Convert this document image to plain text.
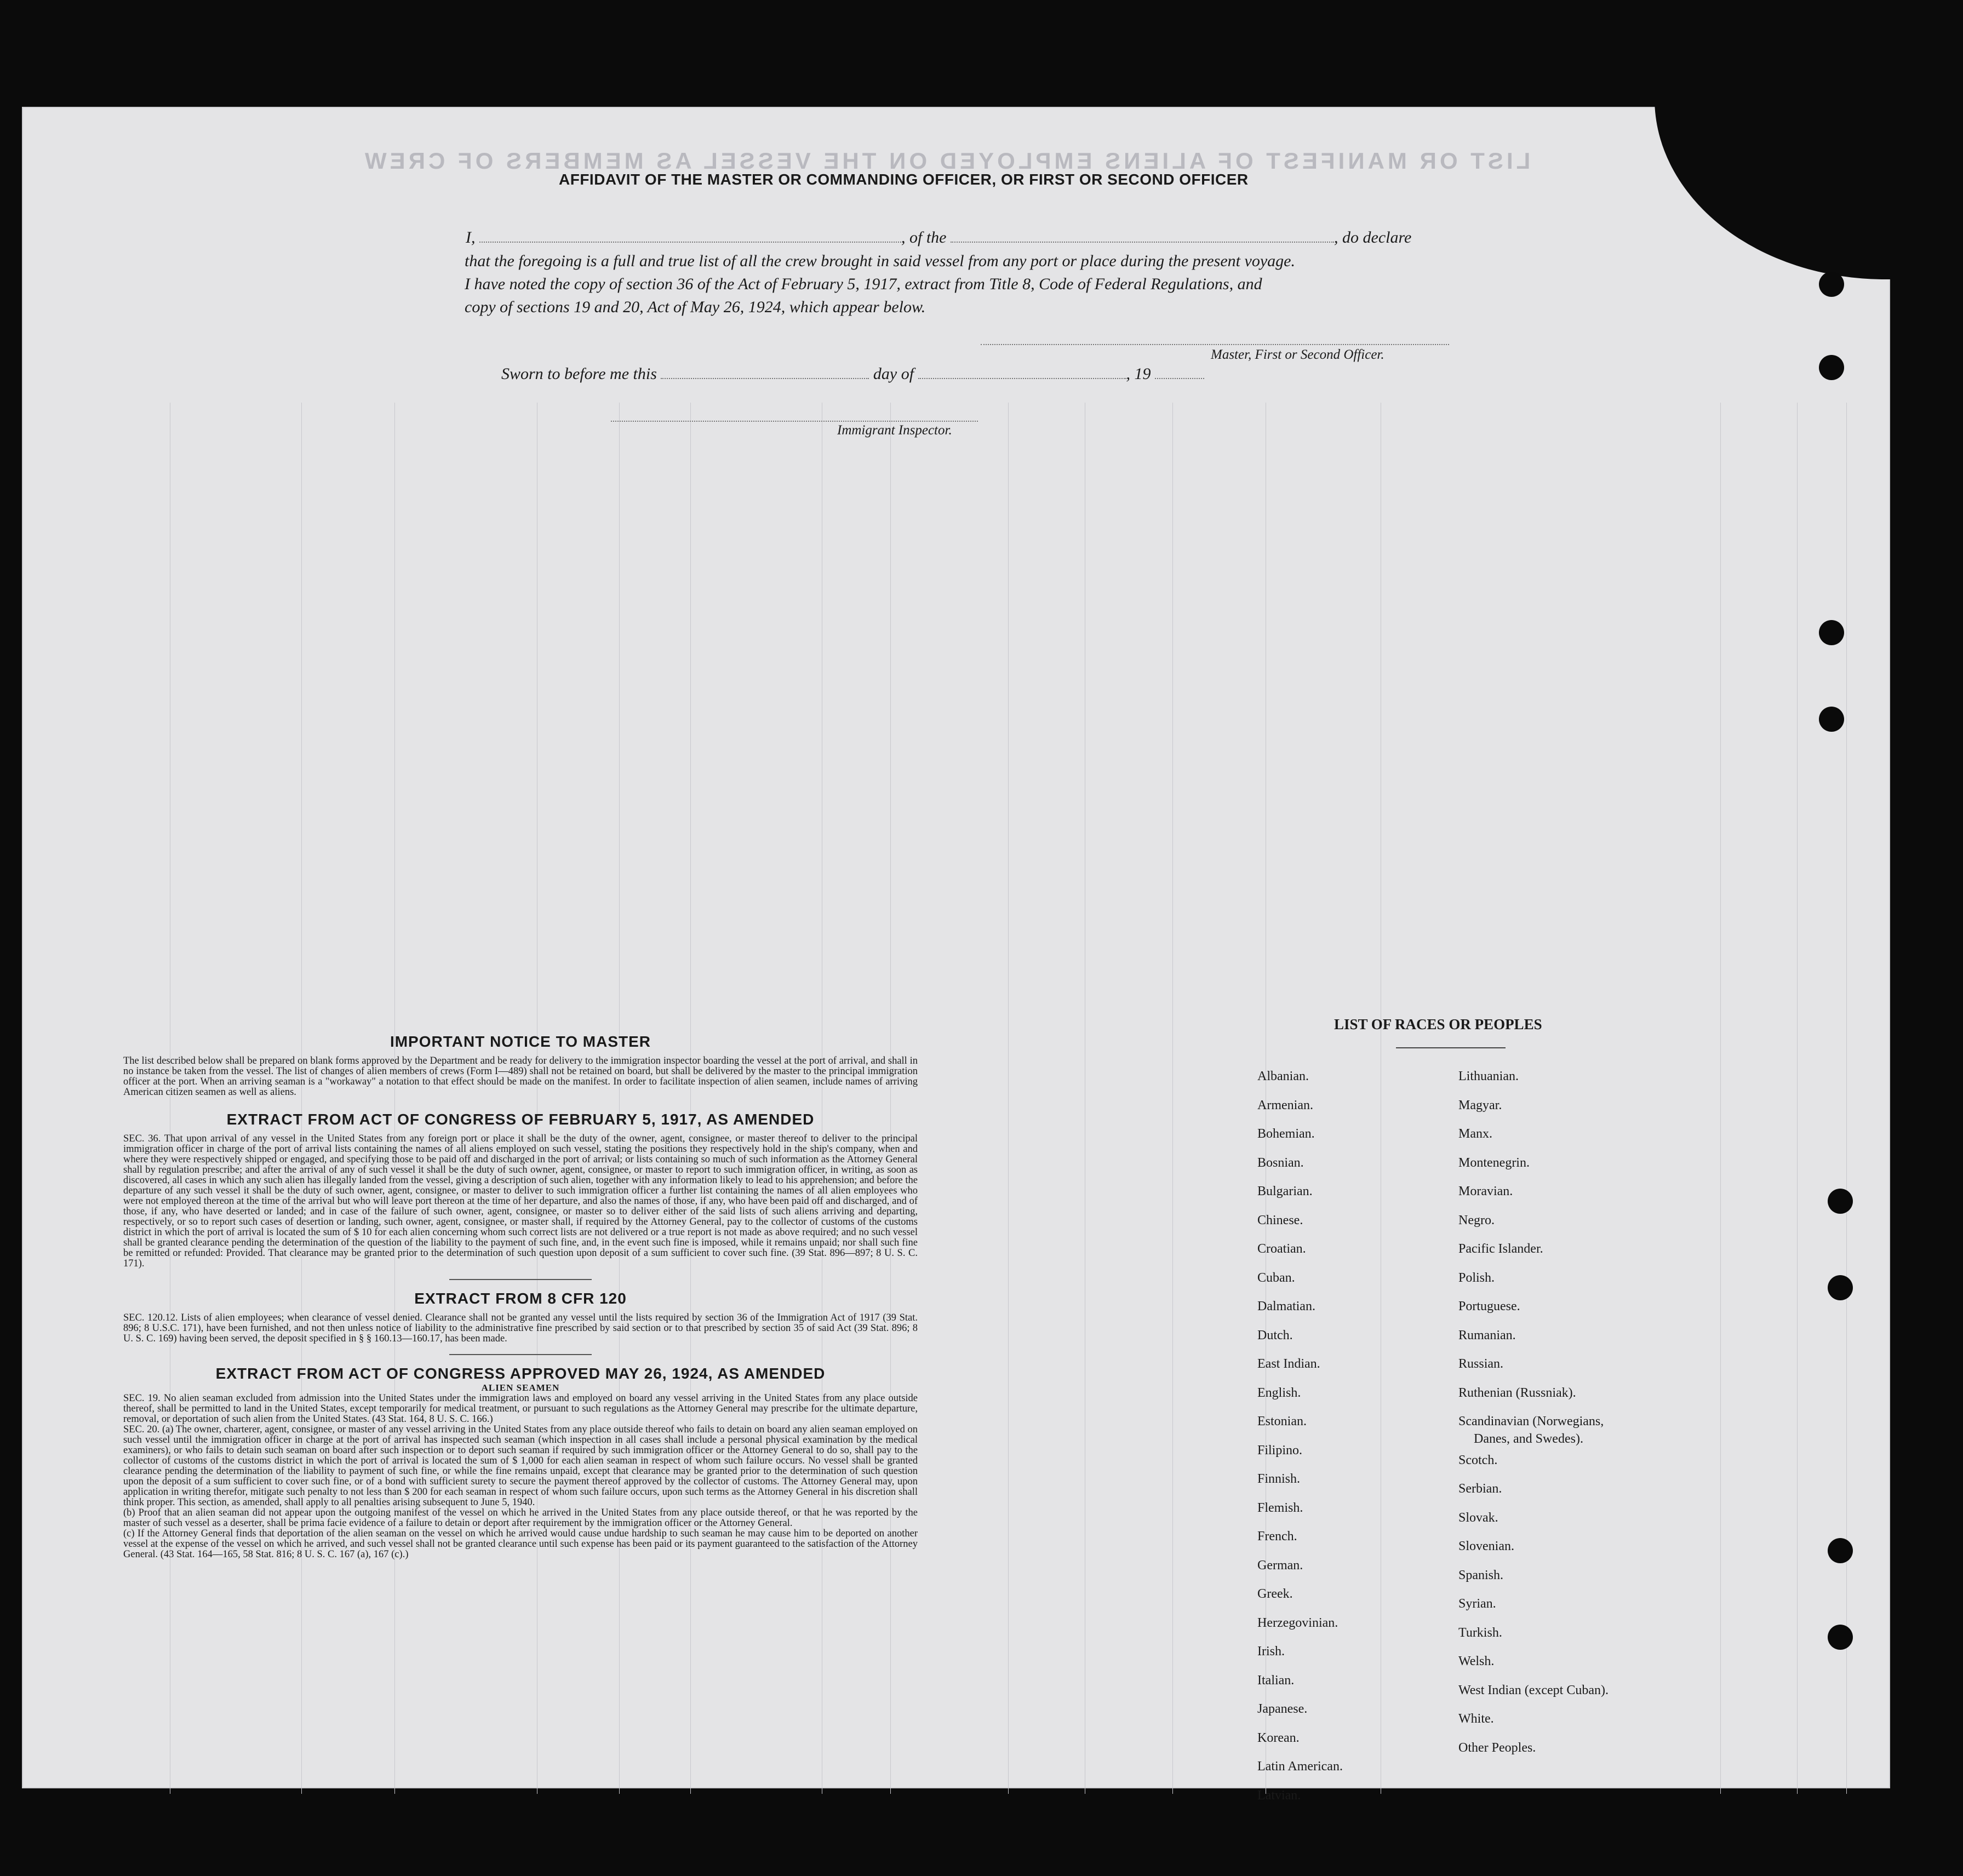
LIST OR MANIFEST OF ALIENS EMPLOYED ON THE VESSEL AS MEMBERS OF CREW
AFFIDAVIT OF THE MASTER OR COMMANDING OFFICER, OR FIRST OR SECOND OFFICER
I,	, of the	, do declare
that the foregoing is a full and true list of all the crew brought in said vessel from any port or place during the present voyage.
I have noted the copy of section 36 of the Act of February 5, 1917, extract from Title 8, Code of Federal Regulations, and
copy of sections 19 and 20, Act of May 26, 1924, which appear below.
Master, First or Second Officer.
Sworn to before me this	day of	, 19
Immigrant Inspector.
IMPORTANT NOTICE TO MASTER
The list described below shall be prepared on blank forms approved by the Department and be ready for delivery to the immigration inspector boarding the vessel at the port of arrival, and shall in no instance be taken from the vessel. The list of changes of alien members of crews (Form I—489) shall not be retained on board, but shall be delivered by the master to the principal immigration officer at the port. When an arriving seaman is a "workaway" a notation to that effect should be made on the manifest. In order to facilitate inspection of alien seamen, include names of arriving American citizen seamen as well as aliens.
EXTRACT FROM ACT OF CONGRESS OF FEBRUARY 5, 1917, AS AMENDED
SEC. 36. That upon arrival of any vessel in the United States from any foreign port or place it shall be the duty of the owner, agent, consignee, or master thereof to deliver to the principal immigration officer in charge of the port of arrival lists containing the names of all aliens employed on such vessel, stating the positions they respectively hold in the ship's company, when and where they were respectively shipped or engaged, and specifying those to be paid off and discharged in the port of arrival; or lists containing so much of such information as the Attorney General shall by regulation prescribe; and after the arrival of any of such vessel it shall be the duty of such owner, agent, consignee, or master to report to such immigration officer, in writing, as soon as discovered, all cases in which any such alien has illegally landed from the vessel, giving a description of such alien, together with any information likely to lead to his apprehension; and before the departure of any such vessel it shall be the duty of such owner, agent, consignee, or master to deliver to such immigration officer a further list containing the names of all alien employees who were not employed thereon at the time of the arrival but who will leave port thereon at the time of her departure, and also the names of those, if any, who have been paid off and discharged, and of those, if any, who have deserted or landed; and in case of the failure of such owner, agent, consignee, or master so to deliver either of the said lists of such aliens arriving and departing, respectively, or so to report such cases of desertion or landing, such owner, agent, consignee, or master shall, if required by the Attorney General, pay to the collector of customs of the customs district in which the port of arrival is located the sum of $ 10 for each alien concerning whom such correct lists are not delivered or a true report is not made as above required; and no such vessel shall be granted clearance pending the determination of the question of the liability to the payment of such fine, and, in the event such fine is imposed, while it remains unpaid; nor shall such fine be remitted or refunded: Provided. That clearance may be granted prior to the determination of such question upon deposit of a sum sufficient to cover such fine. (39 Stat. 896—897; 8 U. S. C. 171).
EXTRACT FROM 8 CFR 120
SEC. 120.12. Lists of alien employees; when clearance of vessel denied. Clearance shall not be granted any vessel until the lists required by section 36 of the Immigration Act of 1917 (39 Stat. 896; 8 U.S.C. 171), have been furnished, and not then unless notice of liability to the administrative fine prescribed by said section or to that prescribed by section 35 of said Act (39 Stat. 896; 8 U. S. C. 169) having been served, the deposit specified in § § 160.13—160.17, has been made.
EXTRACT FROM ACT OF CONGRESS APPROVED MAY 26, 1924, AS AMENDED
ALIEN SEAMEN
SEC. 19. No alien seaman excluded from admission into the United States under the immigration laws and employed on board any vessel arriving in the United States from any place outside thereof, shall be permitted to land in the United States, except temporarily for medical treatment, or pursuant to such regulations as the Attorney General may prescribe for the ultimate departure, removal, or deportation of such alien from the United States. (43 Stat. 164, 8 U. S. C. 166.)
SEC. 20. (a) The owner, charterer, agent, consignee, or master of any vessel arriving in the United States from any place outside thereof who fails to detain on board any alien seaman employed on such vessel until the immigration officer in charge at the port of arrival has inspected such seaman (which inspection in all cases shall include a personal physical examination by the medical examiners), or who fails to detain such seaman on board after such inspection or to deport such seaman if required by such immigration officer or the Attorney General to do so, shall pay to the collector of customs of the customs district in which the port of arrival is located the sum of $ 1,000 for each alien seaman in respect of whom such failure occurs. No vessel shall be granted clearance pending the determination of the liability to payment of such fine, or while the fine remains unpaid, except that clearance may be granted prior to the determination of such question upon the deposit of a sum sufficient to cover such fine, or of a bond with sufficient surety to secure the payment thereof approved by the collector of customs. The Attorney General may, upon application in writing therefor, mitigate such penalty to not less than $ 200 for each seaman in respect of whom such failure occurs, upon such terms as the Attorney General in his discretion shall think proper. This section, as amended, shall apply to all penalties arising subsequent to June 5, 1940.
(b) Proof that an alien seaman did not appear upon the outgoing manifest of the vessel on which he arrived in the United States from any place outside thereof, or that he was reported by the master of such vessel as a deserter, shall be prima facie evidence of a failure to detain or deport after requirement by the immigration officer or the Attorney General.
(c) If the Attorney General finds that deportation of the alien seaman on the vessel on which he arrived would cause undue hardship to such seaman he may cause him to be deported on another vessel at the expense of the vessel on which he arrived, and such vessel shall not be granted clearance until such expense has been paid or its payment guaranteed to the satisfaction of the Attorney General. (43 Stat. 164—165, 58 Stat. 816; 8 U. S. C. 167 (a), 167 (c).)
LIST OF RACES OR PEOPLES
Albanian.
Armenian.
Bohemian.
Bosnian.
Bulgarian.
Chinese.
Croatian.
Cuban.
Dalmatian.
Dutch.
East Indian.
English.
Estonian.
Filipino.
Finnish.
Flemish.
French.
German.
Greek.
Herzegovinian.
Irish.
Italian.
Japanese.
Korean.
Latin American.
Latvian.
Lithuanian.
Magyar.
Manx.
Montenegrin.
Moravian.
Negro.
Pacific Islander.
Polish.
Portuguese.
Rumanian.
Russian.
Ruthenian (Russniak).
Scandinavian (Norwegians,
Danes, and Swedes).
Scotch.
Serbian.
Slovak.
Slovenian.
Spanish.
Syrian.
Turkish.
Welsh.
West Indian (except Cuban).
White.
Other Peoples.
